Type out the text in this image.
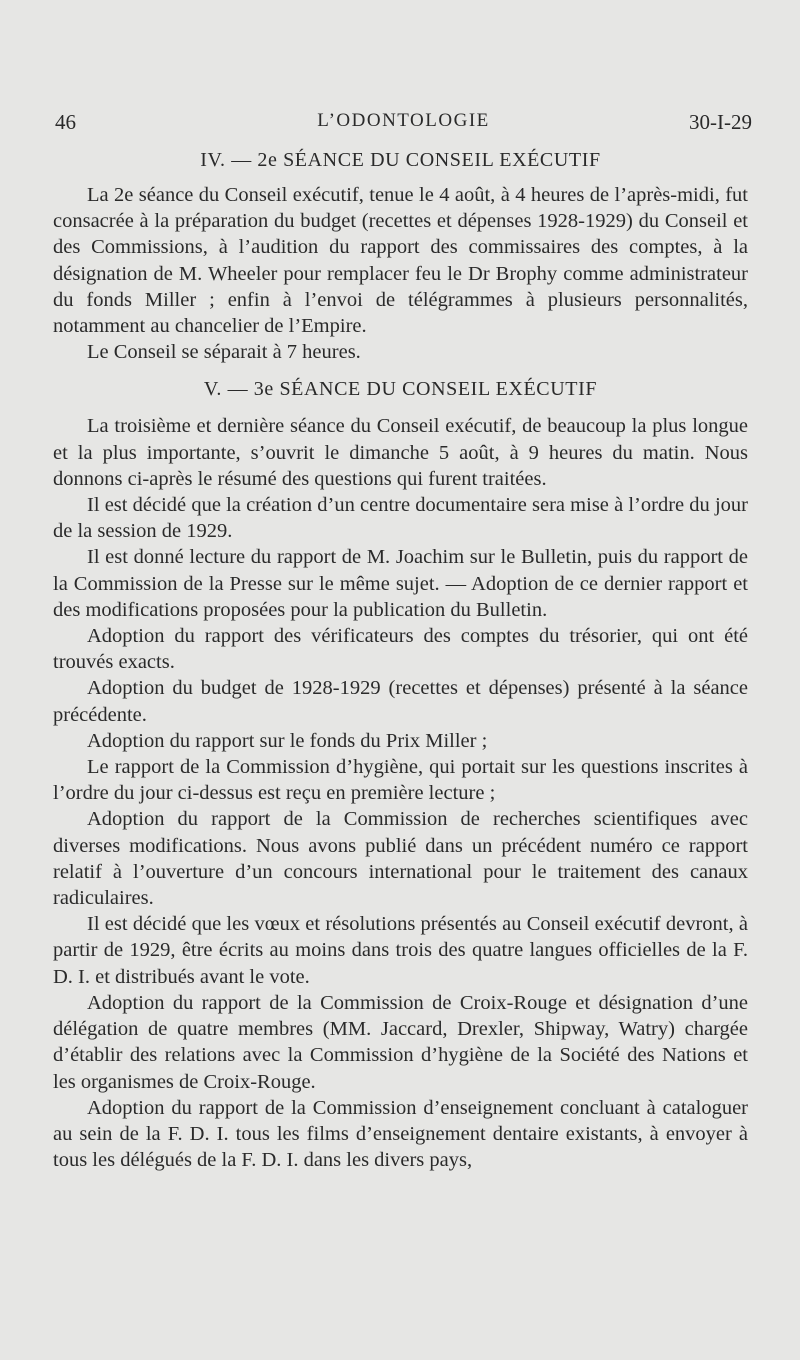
46	L’ODONTOLOGIE	30-I-29
IV. — 2e SÉANCE DU CONSEIL EXÉCUTIF

La 2e séance du Conseil exécutif, tenue le 4 août, à 4 heures de l’après-midi, fut consacrée à la préparation du budget (recettes et dépenses 1928-1929) du Conseil et des Commissions, à l’audition du rapport des commissaires des comptes, à la désignation de M. Wheeler pour remplacer feu le Dr Brophy comme administrateur du fonds Miller ; enfin à l’envoi de télégrammes à plusieurs personnalités, notamment au chancelier de l’Empire.

Le Conseil se séparait à 7 heures.

V. — 3e SÉANCE DU CONSEIL EXÉCUTIF

La troisième et dernière séance du Conseil exécutif, de beaucoup la plus longue et la plus importante, s’ouvrit le dimanche 5 août, à 9 heures du matin. Nous donnons ci-après le résumé des questions qui furent traitées.

Il est décidé que la création d’un centre documentaire sera mise à l’ordre du jour de la session de 1929.

Il est donné lecture du rapport de M. Joachim sur le Bulletin, puis du rapport de la Commission de la Presse sur le même sujet. — Adoption de ce dernier rapport et des modifications proposées pour la publication du Bulletin.

Adoption du rapport des vérificateurs des comptes du trésorier, qui ont été trouvés exacts.

Adoption du budget de 1928-1929 (recettes et dépenses) présenté à la séance précédente.

Adoption du rapport sur le fonds du Prix Miller ;

Le rapport de la Commission d’hygiène, qui portait sur les questions inscrites à l’ordre du jour ci-dessus est reçu en première lecture ;

Adoption du rapport de la Commission de recherches scientifiques avec diverses modifications. Nous avons publié dans un précédent numéro ce rapport relatif à l’ouverture d’un concours international pour le traitement des canaux radiculaires.

Il est décidé que les vœux et résolutions présentés au Conseil exécutif devront, à partir de 1929, être écrits au moins dans trois des quatre langues officielles de la F. D. I. et distribués avant le vote.

Adoption du rapport de la Commission de Croix-Rouge et désignation d’une délégation de quatre membres (MM. Jaccard, Drexler, Shipway, Watry) chargée d’établir des relations avec la Commission d’hygiène de la Société des Nations et les organismes de Croix-Rouge.

Adoption du rapport de la Commission d’enseignement concluant à cataloguer au sein de la F. D. I. tous les films d’enseignement dentaire existants, à envoyer à tous les délégués de la F. D. I. dans les divers pays,
